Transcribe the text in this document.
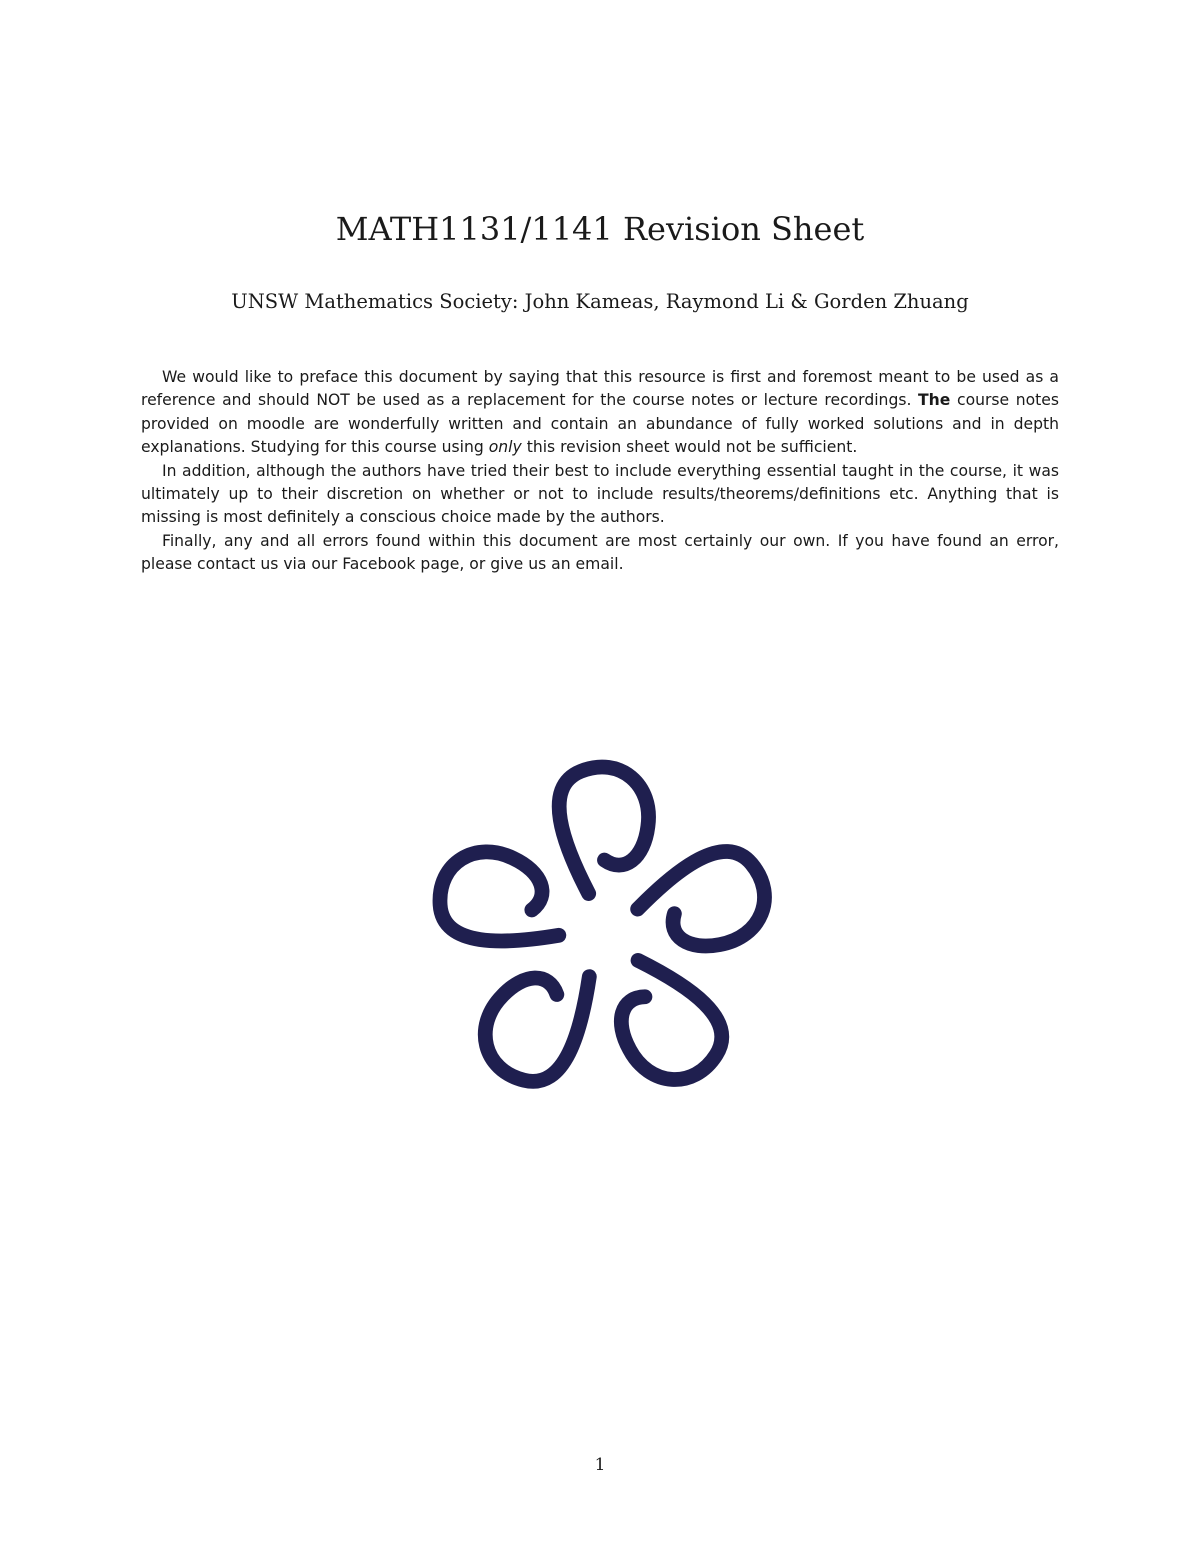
MATH1131/1141 Revision Sheet
UNSW Mathematics Society: John Kameas, Raymond Li & Gorden Zhuang

We would like to preface this document by saying that this resource is first and foremost meant to be used as a reference and should NOT be used as a replacement for the course notes or lecture recordings. The course notes provided on moodle are wonderfully written and contain an abundance of fully worked solutions and in depth explanations. Studying for this course using only this revision sheet would not be sufficient.

In addition, although the authors have tried their best to include everything essential taught in the course, it was ultimately up to their discretion on whether or not to include results/theorems/definitions etc. Anything that is missing is most definitely a conscious choice made by the authors.

Finally, any and all errors found within this document are most certainly our own. If you have found an error, please contact us via our Facebook page, or give us an email.

1
